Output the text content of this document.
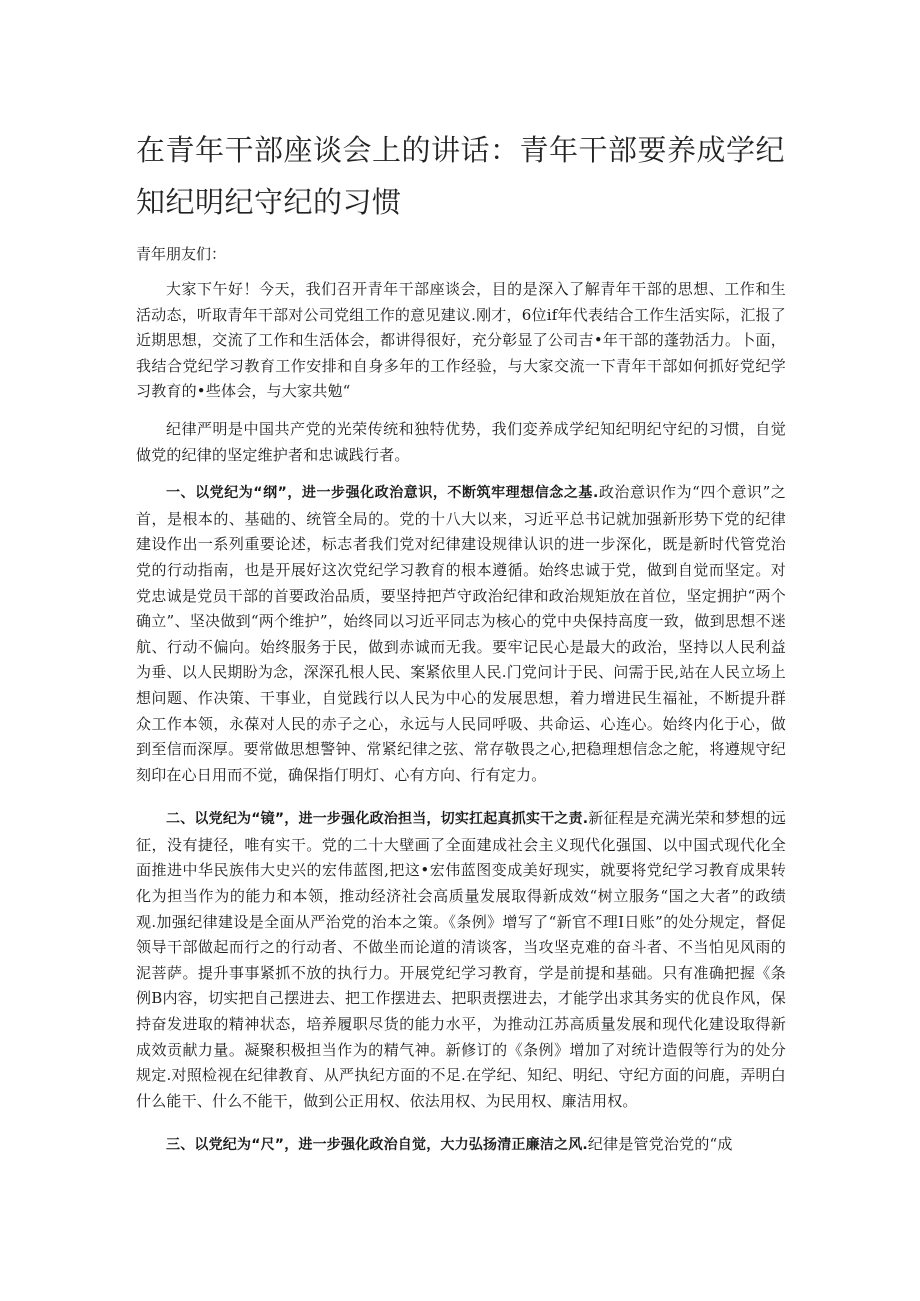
在青年干部座谈会上的讲话：青年干部要养成学纪知纪明纪守纪的习惯

青年朋友们：

大家下午好！今天，我们召开青年干部座谈会，目的是深入了解青年干部的思想、工作和生活动态，听取青年干部对公司党组工作的意见建议.刚才，6位if年代表结合工作生活实际，汇报了近期思想，交流了工作和生活体会，都讲得很好，充分彰显了公司吉•年干部的蓬勃活力。卜面，我结合党纪学习教育工作安排和自身多年的工作经验，与大家交流一下青年干部如何抓好党纪学习教育的•些体会，与大家共勉“

纪律严明是中国共产党的光荣传统和独特优势，我们変养成学纪知纪明纪守纪的习惯，自觉做党的纪律的坚定维护者和忠诚践行者。

一、以党纪为“纲”，进一步强化政治意识，不断筑牢理想信念之基.政治意识作为“四个意识”之首，是根本的、基础的、统管全局的。党的十八大以来，习近平总书记就加强新形势下党的纪律建设作出一系列重要论述，标志者我们党对纪律建设规律认识的进一步深化，既是新时代管党治党的行动指南，也是开展好这次党纪学习教育的根本遵循。始终忠诚于党，做到自觉而坚定。对党忠诚是党员干部的首要政治品质，要坚持把芦守政治纪律和政治规矩放在首位，坚定拥护“两个确立”、坚决做到“两个维护”，始终同以习近平同志为核心的党中央保持高度一致，做到思想不迷航、行动不偏向。始终服务于民，做到赤诚而无我。要牢记民心是最大的政治，坚持以人民利益为垂、以人民期盼为念，深深孔根人民、案紧依里人民.门党问计于民、问需于民,站在人民立场上想问题、作决策、干事业，自觉践行以人民为中心的发展思想，着力增进民生福祉，不断提升群众工作本领，永葆对人民的赤子之心，永远与人民同呼吸、共命运、心连心。始终内化于心，做到至信而深厚。要常做思想警钟、常紧纪律之弦、常存敬畏之心,把稳理想信念之舵，将遵规守纪刻印在心日用而不觉，确保指仃明灯、心有方向、行有定力。

二、以党纪为“镜”，进一步强化政治担当，切实扛起真抓实干之责.新征程是充满光荣和梦想的远征，没有捷径，唯有实干。党的二十大壁画了全面建成社会主义现代化强国、以中国式现代化全面推进中华民族伟大史兴的宏伟蓝图,把这•宏伟蓝图变成美好现实，就要将党纪学习教育成果转化为担当作为的能力和本领，推动经济社会高质量发展取得新成效“树立服务“国之大者”的政绩观.加强纪律建设是全面从严治党的治本之策。《条例》增写了“新官不理I日账”的处分规定，督促领导干部做起而行之的行动者、不做坐而论道的清谈客，当攻坚克难的奋斗者、不当怕见风雨的泥菩萨。提升事事紧抓不放的执行力。开展党纪学习教育，学是前提和基础。只有准确把握《条例B内容，切实把自己摆进去、把工作摆进去、把职责摆进去，才能学出求其务实的优良作风，保持奋发进取的精神状态，培养履职尽货的能力水平，为推动江苏高质量发展和现代化建设取得新成效贡献力量。凝聚积极担当作为的精气神。新修订的《条例》增加了对统计造假等行为的处分规定.对照检视在纪律教育、从严执纪方面的不足.在学纪、知纪、明纪、守纪方面的问鹿，弄明白什么能干、什么不能干，做到公正用权、依法用权、为民用权、廉洁用权。

三、以党纪为“尺”，进一步强化政治自觉，大力弘扬清正廉洁之风.纪律是管党治党的“成
